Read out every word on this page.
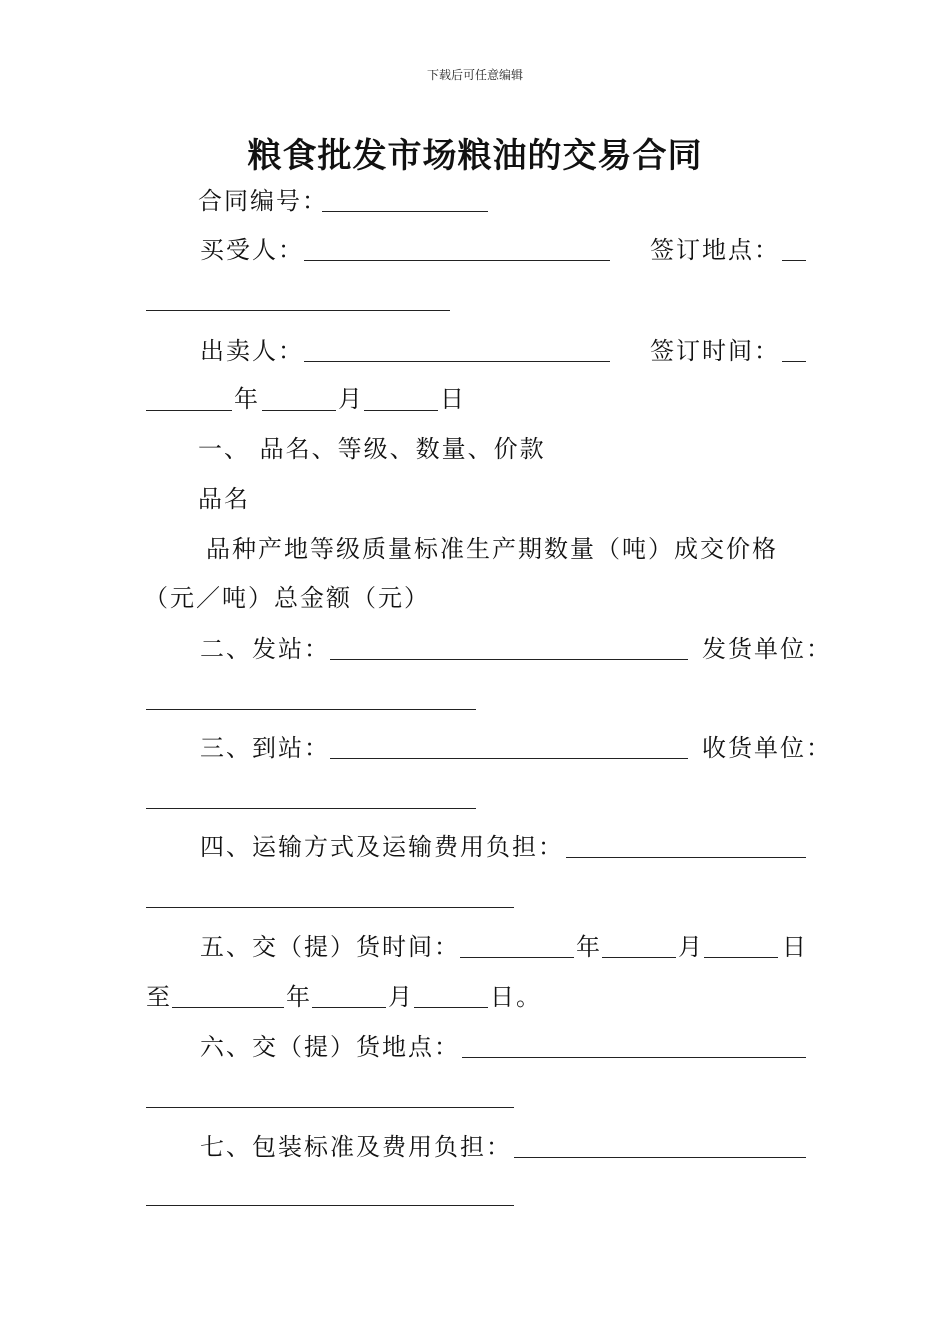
下载后可任意编辑
粮食批发市场粮油的交易合同
合同编号：
买受人：	签订地点：
出卖人：	签订时间：
年	月	日
一、 品名、等级、数量、价款
品名
品种产地等级质量标准生产期数量（吨）成交价格
（元／吨）总金额（元）
二、发站：	发货单位：
三、到站：	收货单位：
四、运输方式及运输费用负担：
五、交（提）货时间：	年	月	日
至	年	月	日。
六、交（提）货地点：
七、包装标准及费用负担：
